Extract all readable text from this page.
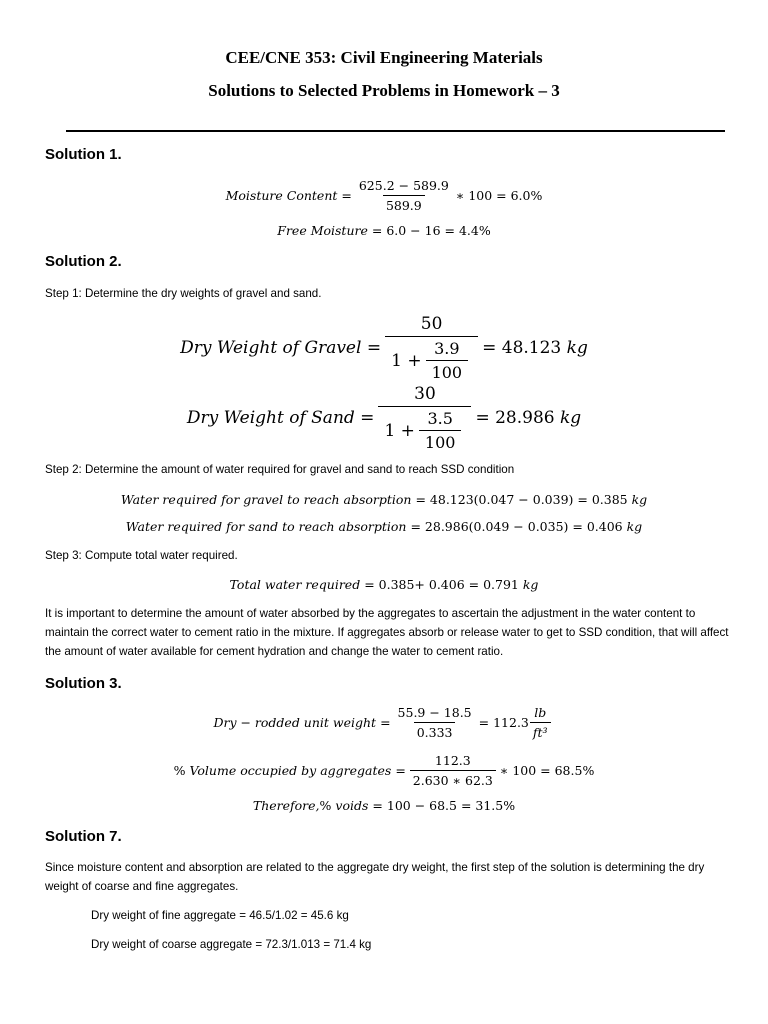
CEE/CNE 353: Civil Engineering Materials
Solutions to Selected Problems in Homework – 3
Solution 1.
Moisture Content = $\frac{625.2 - 589.9}{589.9}$ ∗ 100 = 6.0%
Free Moisture
= 6.0 − 16 = 4.4%
Solution 2.
Step 1: Determine the dry weights of gravel and sand.
Dry Weight of Gravel = $\frac{50}{1 + \frac{3.9}{100}} = 48.123$
kg
Dry Weight of Sand = $\frac{30}{1 + \frac{3.5}{100}} = 28.986$
kg
Step 2: Determine the amount of water required for gravel and sand to reach SSD condition
Water required for gravel to reach absorption
= 48.123(0.047 − 0.039) = 0.385
kg
Water required for sand to reach absorption
= 28.986(0.049 − 0.035) = 0.406
kg
Step 3: Compute total water required.
Total water required
= 0.385+ 0.406 = 0.791
kg
It is important to determine the amount of water absorbed by the aggregates to ascertain the adjustment in the water content to maintain the correct water to cement ratio in the mixture. If aggregates absorb or release water to get to SSD condition, that will affect the amount of water available for cement hydration and change the water to cement ratio.
Solution 3.
Dry − rodded unit weight
= $\frac{55.9 - 18.5}{0.333} = 112.3 \frac{lb}{\text{ft³}}$
%
Volume occupied by aggregates
= $\frac{112.3}{2.630 ∗ 62.3}$ ∗ 100 = 68.5%
Therefore, %
voids
= 100 − 68.5 = 31.5%
Solution 7.
Since moisture content and absorption are related to the aggregate dry weight, the first step of the solution is determining the dry weight of coarse and fine aggregates.
Dry weight of fine aggregate = 46.5/1.02 = 45.6 kg
Dry weight of coarse aggregate = 72.3/1.013 = 71.4 kg
